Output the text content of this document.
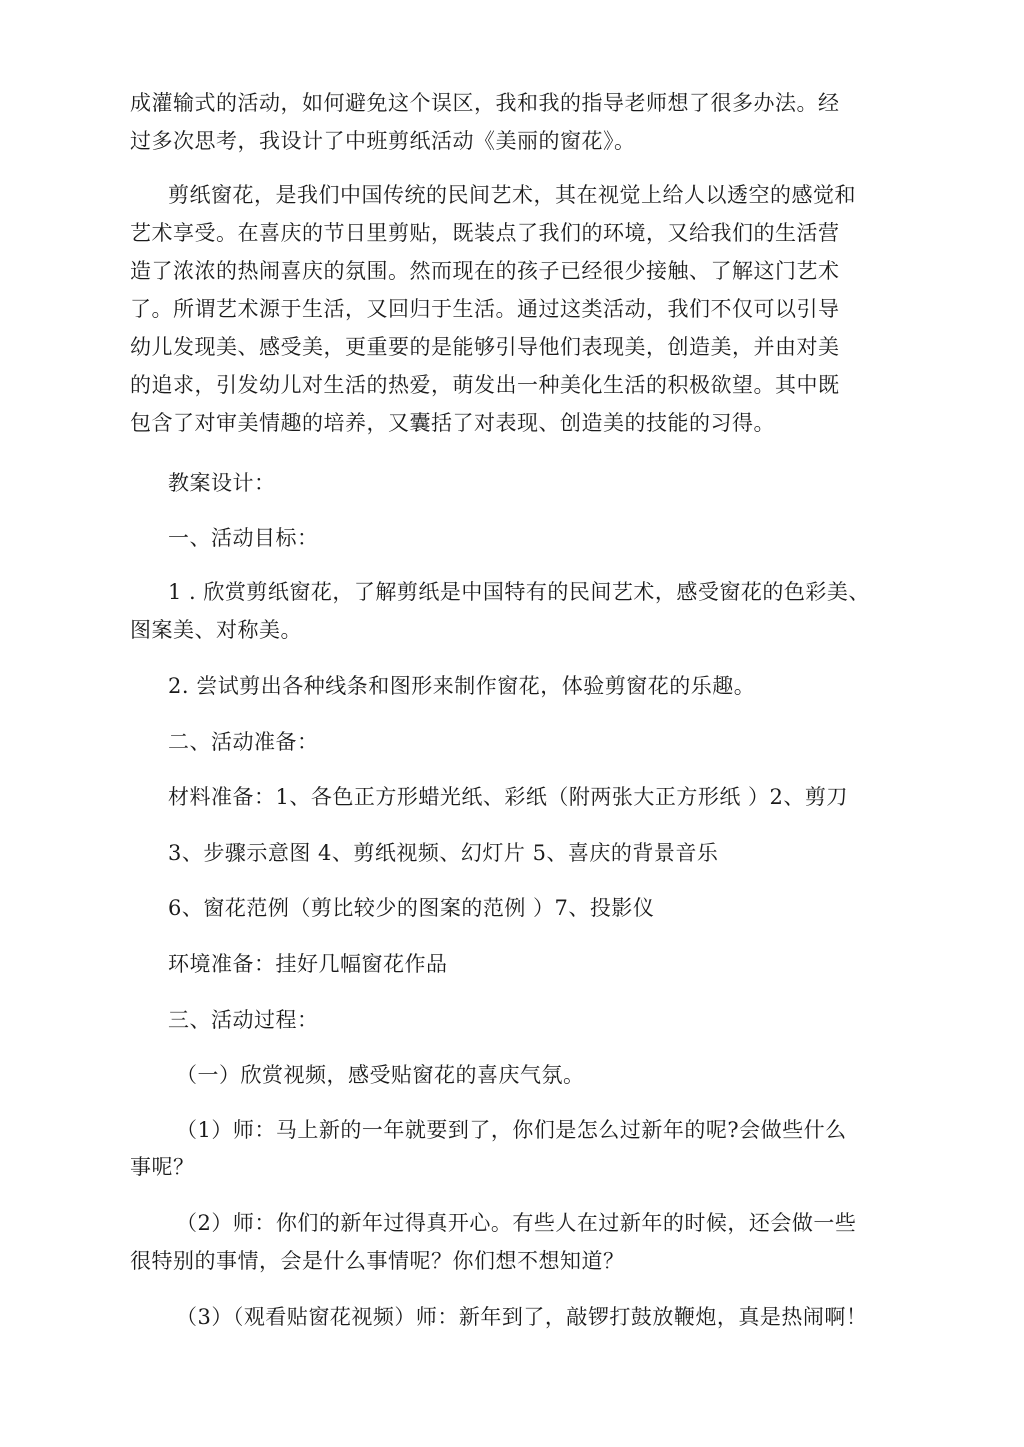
成灌输式的活动，如何避免这个误区，我和我的指导老师想了很多办法。经
过多次思考，我设计了中班剪纸活动《美丽的窗花》。
剪纸窗花，是我们中国传统的民间艺术，其在视觉上给人以透空的感觉和
艺术享受。在喜庆的节日里剪贴，既装点了我们的环境，又给我们的生活营
造了浓浓的热闹喜庆的氛围。然而现在的孩子已经很少接触、了解这门艺术
了。所谓艺术源于生活，又回归于生活。通过这类活动，我们不仅可以引导
幼儿发现美、感受美，更重要的是能够引导他们表现美，创造美，并由对美
的追求，引发幼儿对生活的热爱，萌发出一种美化生活的积极欲望。其中既
包含了对审美情趣的培养，又囊括了对表现、创造美的技能的习得。
教案设计：
一、活动目标：
1 . 欣赏剪纸窗花，了解剪纸是中国特有的民间艺术，感受窗花的色彩美、
图案美、对称美。
2. 尝试剪出各种线条和图形来制作窗花，体验剪窗花的乐趣。
二、活动准备：
材料准备：1、各色正方形蜡光纸、彩纸（附两张大正方形纸 ）2、剪刀
3、步骤示意图 4、剪纸视频、幻灯片 5、喜庆的背景音乐
6、窗花范例（剪比较少的图案的范例 ）7、投影仪
环境准备：挂好几幅窗花作品
三、活动过程：
（一）欣赏视频，感受贴窗花的喜庆气氛。
（1）师：马上新的一年就要到了，你们是怎么过新年的呢?会做些什么
事呢？
（2）师：你们的新年过得真开心。有些人在过新年的时候，还会做一些
很特别的事情，会是什么事情呢？你们想不想知道？
（3）（观看贴窗花视频）师：新年到了，敲锣打鼓放鞭炮，真是热闹啊！
